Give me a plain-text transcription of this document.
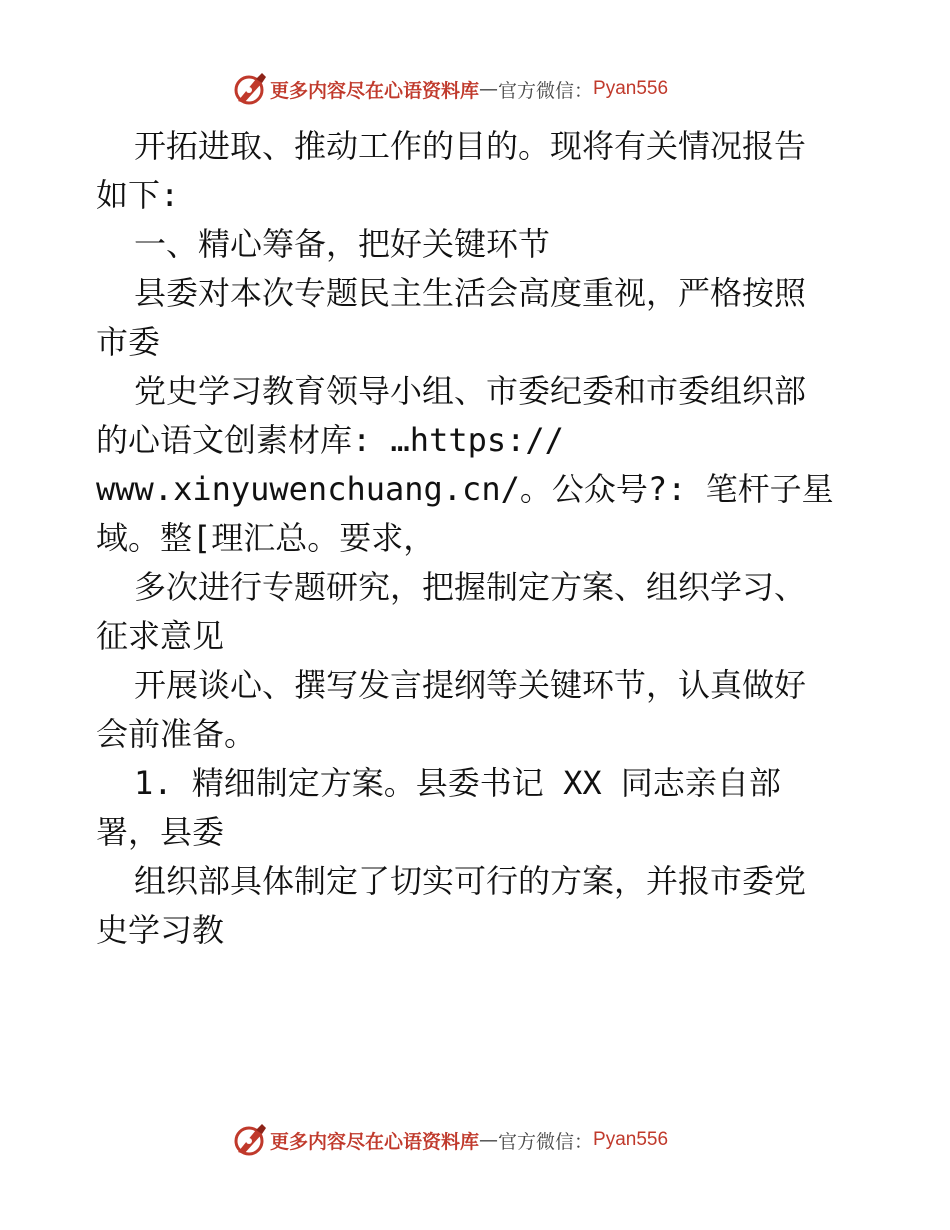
更多内容尽在心语资料库 — 官方微信： Pyan556
开拓进取、推动工作的目的。现将有关情况报告
如下:
一、精心筹备，把好关键环节
县委对本次专题民主生活会高度重视，严格按照
市委
党史学习教育领导小组、市委纪委和市委组织部
的心语文创素材库: …https://
www.xinyuwenchuang.cn/。公众号?: 笔杆子星
域。整[理汇总。要求，
多次进行专题研究，把握制定方案、组织学习、
征求意见
开展谈心、撰写发言提纲等关键环节，认真做好
会前准备。
1. 精细制定方案。县委书记 XX 同志亲自部
署，县委
组织部具体制定了切实可行的方案，并报市委党
史学习教
更多内容尽在心语资料库 — 官方微信： Pyan556
